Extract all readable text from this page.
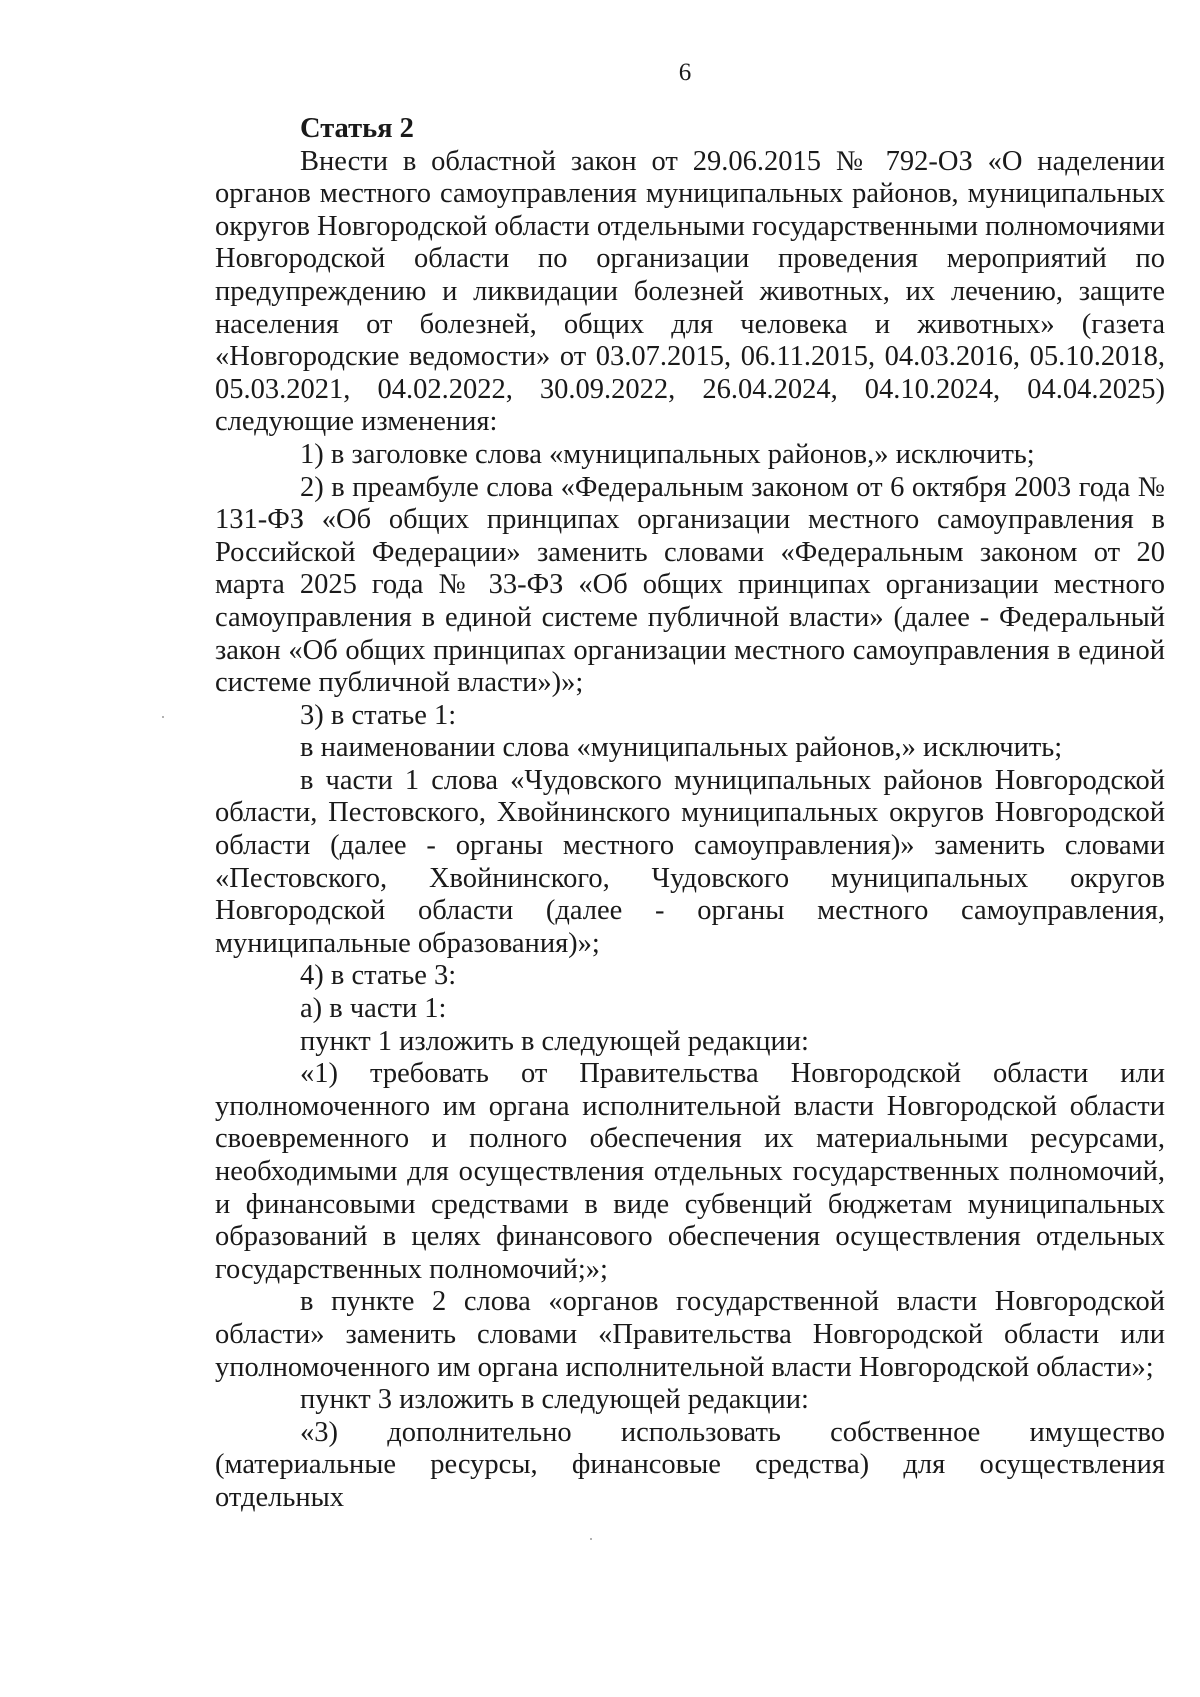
6
Статья 2

Внести в областной закон от 29.06.2015 № 792-ОЗ «О наделении органов местного самоуправления муниципальных районов, муниципальных округов Новгородской области отдельными государственными полномочиями Новгородской области по организации проведения мероприятий по предупреждению и ликвидации болезней животных, их лечению, защите населения от болезней, общих для человека и животных» (газета «Новгородские ведомости» от 03.07.2015, 06.11.2015, 04.03.2016, 05.10.2018, 05.03.2021, 04.02.2022, 30.09.2022, 26.04.2024, 04.10.2024, 04.04.2025) следующие изменения:

1) в заголовке слова «муниципальных районов,» исключить;

2) в преамбуле слова «Федеральным законом от 6 октября 2003 года № 131-ФЗ «Об общих принципах организации местного самоуправления в Российской Федерации» заменить словами «Федеральным законом от 20 марта 2025 года № 33-ФЗ «Об общих принципах организации местного самоуправления в единой системе публичной власти» (далее - Федеральный закон «Об общих принципах организации местного самоуправления в единой системе публичной власти»)»;

3) в статье 1:

в наименовании слова «муниципальных районов,» исключить;

в части 1 слова «Чудовского муниципальных районов Новгородской области, Пестовского, Хвойнинского муниципальных округов Новгородской области (далее - органы местного самоуправления)» заменить словами «Пестовского, Хвойнинского, Чудовского муниципальных округов Новгородской области (далее - органы местного самоуправления, муниципальные образования)»;

4) в статье 3:

а) в части 1:

пункт 1 изложить в следующей редакции:

«1) требовать от Правительства Новгородской области или уполномоченного им органа исполнительной власти Новгородской области своевременного и полного обеспечения их материальными ресурсами, необходимыми для осуществления отдельных государственных полномочий, и финансовыми средствами в виде субвенций бюджетам муниципальных образований в целях финансового обеспечения осуществления отдельных государственных полномочий;»;

в пункте 2 слова «органов государственной власти Новгородской области» заменить словами «Правительства Новгородской области или уполномоченного им органа исполнительной власти Новгородской области»;

пункт 3 изложить в следующей редакции:

«3) дополнительно использовать собственное имущество (материальные ресурсы, финансовые средства) для осуществления отдельных
